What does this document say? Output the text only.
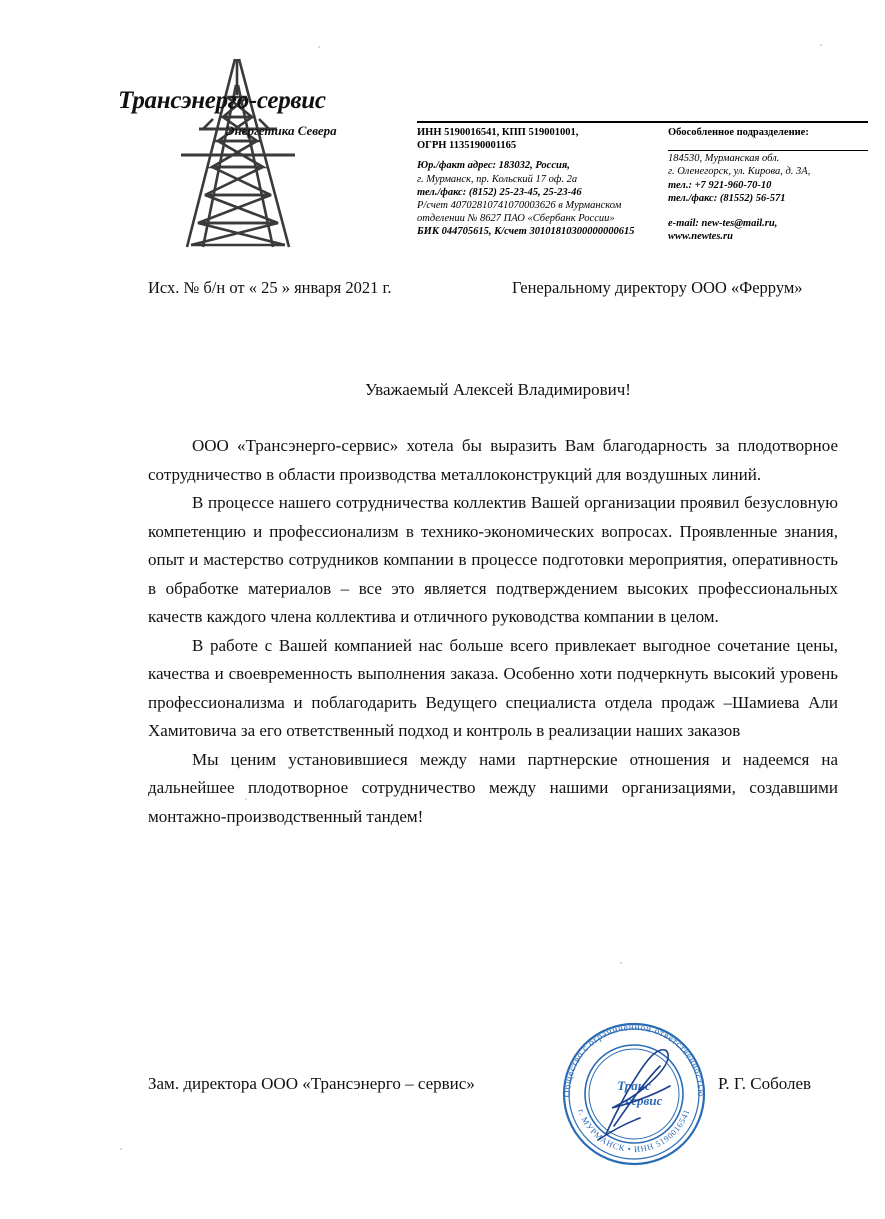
Трансэнерго-сервис
Энергетика Севера	ИНН 5190016541, КПП 519001001,

ОГРН 1135190001165

Юр./факт адрес: 183032, Россия,

г. Мурманск, пр. Кольский 17 оф. 2а

тел./факс: (8152) 25-23-45, 25-23-46

Р/счет 40702810741070003626 в Мурманском

отделении № 8627 ПАО «Сбербанк России»

БИК 044705615, К/счет 30101810300000000615

Обособленное подразделение:

184530, Мурманская обл.

г. Оленегорск, ул. Кирова, д. 3А,

тел.: +7 921-960-70-10

тел./факс: (81552) 56-571

e-mail: new-tes@mail.ru,

www.newtes.ru

Исх. № б/н от « 25 » января 2021 г.	Генеральному директору ООО «Феррум»
Уважаемый Алексей Владимирович!

ООО «Трансэнерго-сервис» хотела бы выразить Вам благодарность за плодотворное сотрудничество в области производства металлоконструкций для воздушных линий.

В процессе нашего сотрудничества коллектив Вашей организации проявил безусловную компетенцию и профессионализм в технико-экономических вопросах. Проявленные знания, опыт и мастерство сотрудников компании в процессе подготовки мероприятия, оперативность в обработке материалов – все это является подтверждением высоких профессиональных качеств каждого члена коллектива и отличного руководства компании в целом.

В работе с Вашей компанией нас больше всего привлекает выгодное сочетание цены, качества и своевременность выполнения заказа. Особенно хоти подчеркнуть высокий уровень профессионализма и поблагодарить Ведущего специалиста отдела продаж –Шамиева Али Хамитовича за его ответственный подход и контроль в реализации наших заказов

Мы ценим установившиеся между нами партнерские отношения и надеемся на дальнейшее плодотворное сотрудничество между нашими организациями, создавшими монтажно-производственный тандем!

Общество с ограниченной ответственностью
г. МУРМАНСК • ИНН 5190016541
Транс
сервис
Зам. директора ООО «Трансэнерго – сервис»	Р. Г. Соболев
